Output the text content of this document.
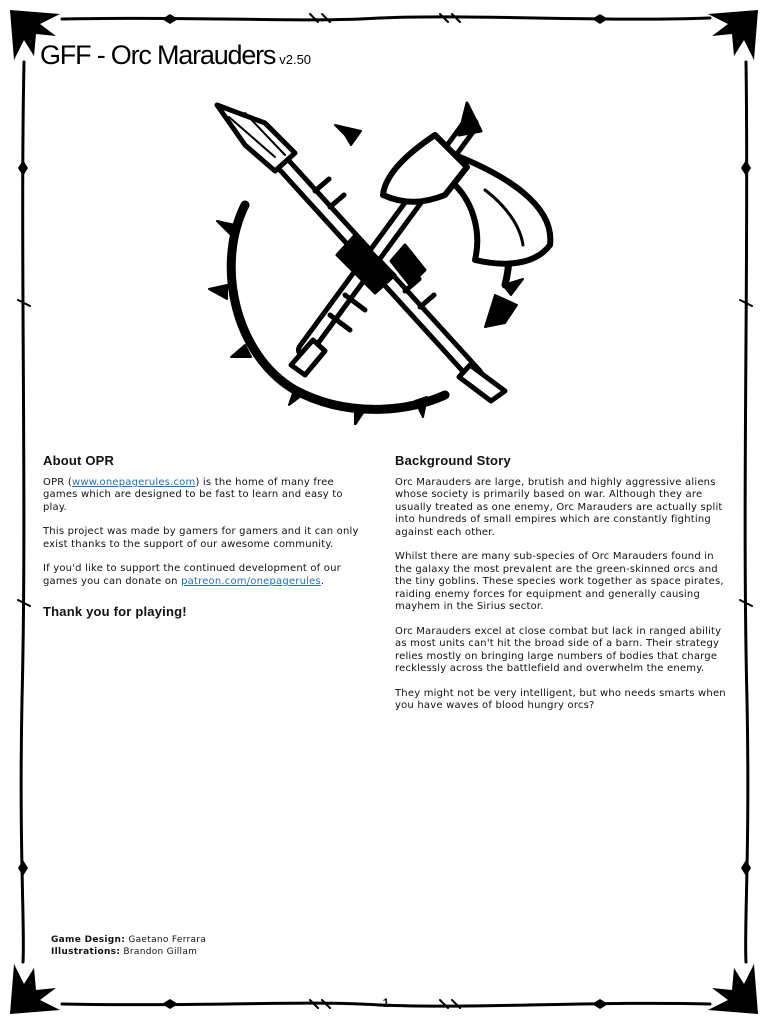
GFF - Orc Marauders v2.50
About OPR

OPR (www.onepagerules.com) is the home of many free games which are designed to be fast to learn and easy to play.

This project was made by gamers for gamers and it can only exist thanks to the support of our awesome community.

If you'd like to support the continued development of our games you can donate on patreon.com/onepagerules.

Thank you for playing!
Background Story

Orc Marauders are large, brutish and highly aggressive aliens whose society is primarily based on war. Although they are usually treated as one enemy, Orc Marauders are actually split into hundreds of small empires which are constantly fighting against each other.

Whilst there are many sub-species of Orc Marauders found in the galaxy the most prevalent are the green-skinned orcs and the tiny goblins. These species work together as space pirates, raiding enemy forces for equipment and generally causing mayhem in the Sirius sector.

Orc Marauders excel at close combat but lack in ranged ability as most units can't hit the broad side of a barn. Their strategy relies mostly on bringing large numbers of bodies that charge recklessly across the battlefield and overwhelm the enemy.

They might not be very intelligent, but who needs smarts when you have waves of blood hungry orcs?

Game Design: Gaetano Ferrara
Illustrations: Brandon Gillam
1
